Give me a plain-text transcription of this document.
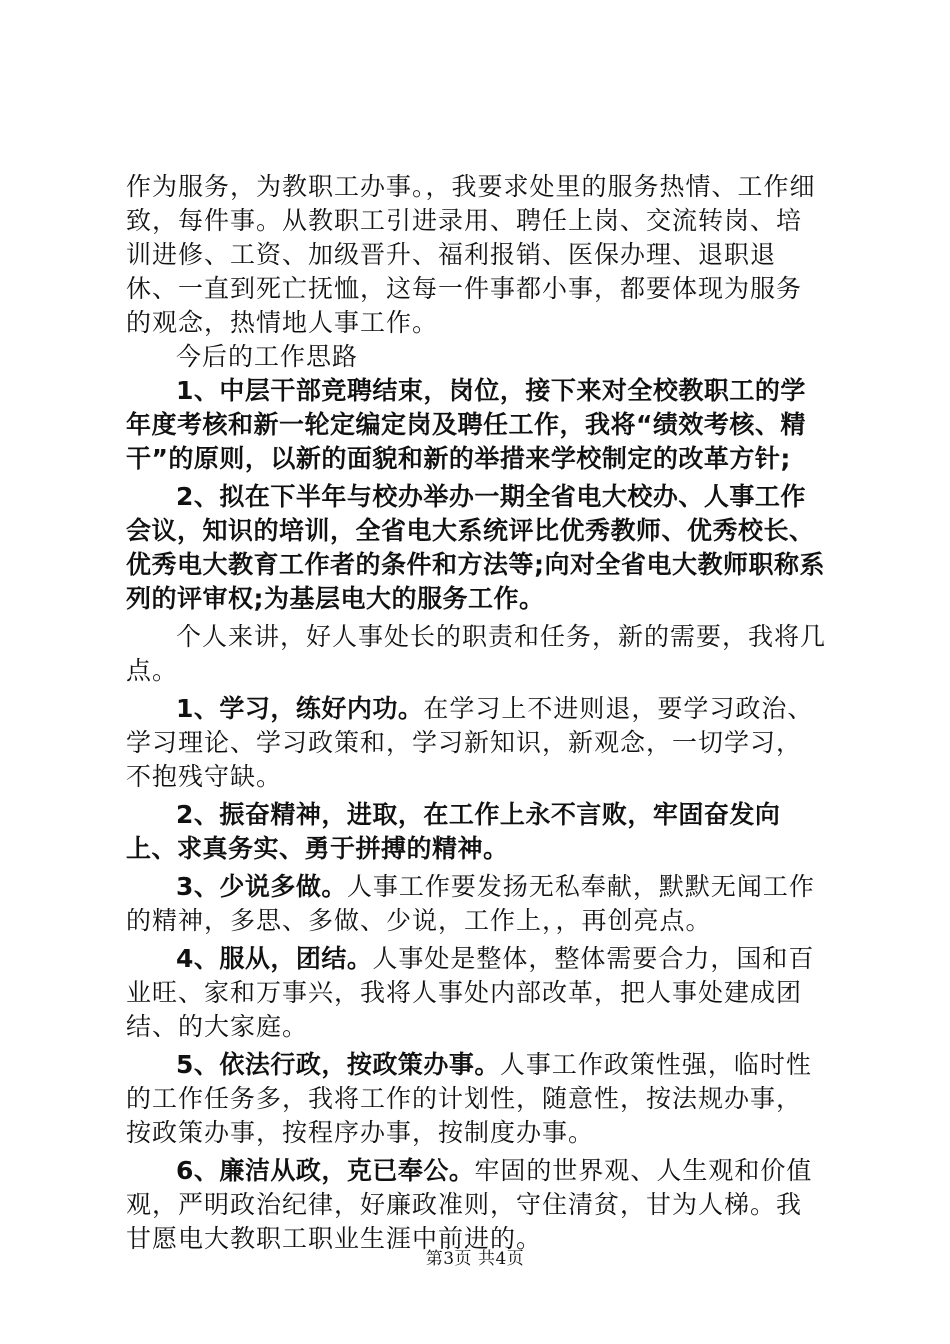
作为服务，为教职工办事。，我要求处里的服务热情、工作细致，每件事。从教职工引进录用、聘任上岗、交流转岗、培训进修、工资、加级晋升、福利报销、医保办理、退职退休、一直到死亡抚恤，这每一件事都小事，都要体现为服务的观念，热情地人事工作。

今后的工作思路

1、中层干部竞聘结束，岗位，接下来对全校教职工的学年度考核和新一轮定编定岗及聘任工作，我将“绩效考核、精干”的原则，以新的面貌和新的举措来学校制定的改革方针;

2、拟在下半年与校办举办一期全省电大校办、人事工作会议，知识的培训，全省电大系统评比优秀教师、优秀校长、优秀电大教育工作者的条件和方法等;向对全省电大教师职称系列的评审权;为基层电大的服务工作。

个人来讲，好人事处长的职责和任务，新的需要，我将几点。

1、学习，练好内功。在学习上不进则退，要学习政治、学习理论、学习政策和，学习新知识，新观念，一切学习，不抱残守缺。

2、振奋精神，进取，在工作上永不言败，牢固奋发向上、求真务实、勇于拼搏的精神。

3、少说多做。人事工作要发扬无私奉献，默默无闻工作的精神，多思、多做、少说，工作上，，再创亮点。

4、服从，团结。人事处是整体，整体需要合力，国和百业旺、家和万事兴，我将人事处内部改革，把人事处建成团结、的大家庭。

5、依法行政，按政策办事。人事工作政策性强，临时性的工作任务多，我将工作的计划性，随意性，按法规办事，按政策办事，按程序办事，按制度办事。

6、廉洁从政，克已奉公。牢固的世界观、人生观和价值观，严明政治纪律，好廉政准则，守住清贫，甘为人梯。我甘愿电大教职工职业生涯中前进的。

第3页 共4页
